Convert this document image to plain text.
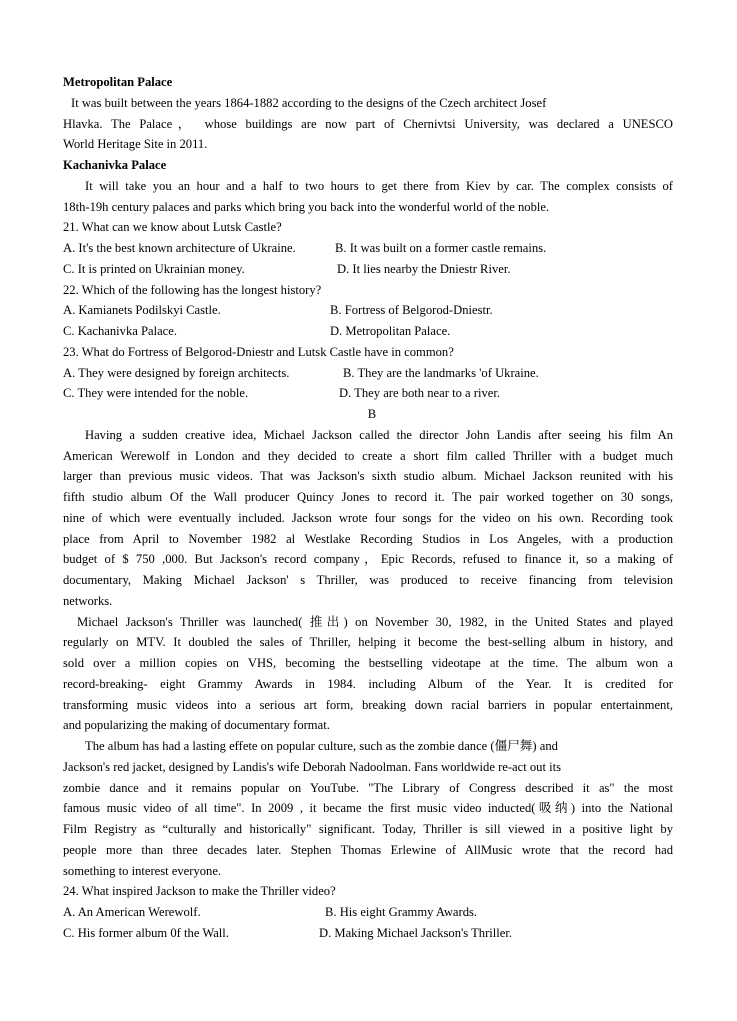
Metropolitan Palace
It was built between the years 1864-1882 according to the designs of the Czech architect Josef
Hlavka. The Palace， whose buildings are now part of Chernivtsi University, was declared a UNESCO
World Heritage Site in 2011.
Kachanivka Palace
It will take you an hour and a half to two hours to get there from Kiev by car. The complex consists of
18th-19h century palaces and parks which bring you back into the wonderful world of the noble.
21. What can we know about Lutsk Castle?
A. It's the best known architecture of Ukraine.	B. It was built on a former castle remains.
C. It is printed on Ukrainian money.	D. It lies nearby the Dniestr River.
22. Which of the following has the longest history?
A. Kamianets Podilskyi Castle.	B. Fortress of Belgorod-Dniestr.
C. Kachanivka Palace.	D. Metropolitan Palace.
23. What do Fortress of Belgorod-Dniestr and Lutsk Castle have in common?
A. They were designed by foreign architects.	B. They are the landmarks 'of Ukraine.
C. They were intended for the noble.	D. They are both near to a river.
B
Having a sudden creative idea, Michael Jackson called the director John Landis after seeing his film An
American Werewolf in London and they decided to create a short film called Thriller with a budget much
larger than previous music videos. That was Jackson's sixth studio album. Michael Jackson reunited with his
fifth studio album Of the Wall producer Quincy Jones to record it. The pair worked together on 30 songs,
nine of which were eventually included. Jackson wrote four songs for the video on his own. Recording took
place from April to November 1982 al Westlake Recording Studios in Los Angeles, with a production
budget of $ 750 ,000. But Jackson's record company，Epic Records, refused to finance it, so a making of
documentary, Making Michael Jackson' s Thriller, was produced to receive financing from television
networks.
Michael Jackson's Thriller was launched( 推出) on November 30, 1982, in the United States and played
regularly on MTV. It doubled the sales of Thriller, helping it become the best-selling album in history, and
sold over a million copies on VHS, becoming the bestselling videotape at the time. The album won a
record-breaking- eight Grammy Awards in 1984. including Album of the Year. It is credited for
transforming music videos into a serious art form, breaking down racial barriers in popular entertainment,
and popularizing the making of documentary format.
The album has had a lasting effete on popular culture, such as the zombie dance (僵尸舞) and
Jackson's red jacket, designed by Landis's wife Deborah Nadoolman. Fans worldwide re-act out its
zombie dance and it remains popular on YouTube. "The Library of Congress described it as" the most
famous music video of all time". In 2009 , it became the first music video inducted(吸纳) into the National
Film Registry as “culturally and historically" significant. Today, Thriller is sill viewed in a positive light by
people more than three decades later. Stephen Thomas Erlewine of AllMusic wrote that the record had
something to interest everyone.
24. What inspired Jackson to make the Thriller video?
A. An American Werewolf.	B. His eight Grammy Awards.
C. His former album 0f the Wall.	D. Making Michael Jackson's Thriller.
